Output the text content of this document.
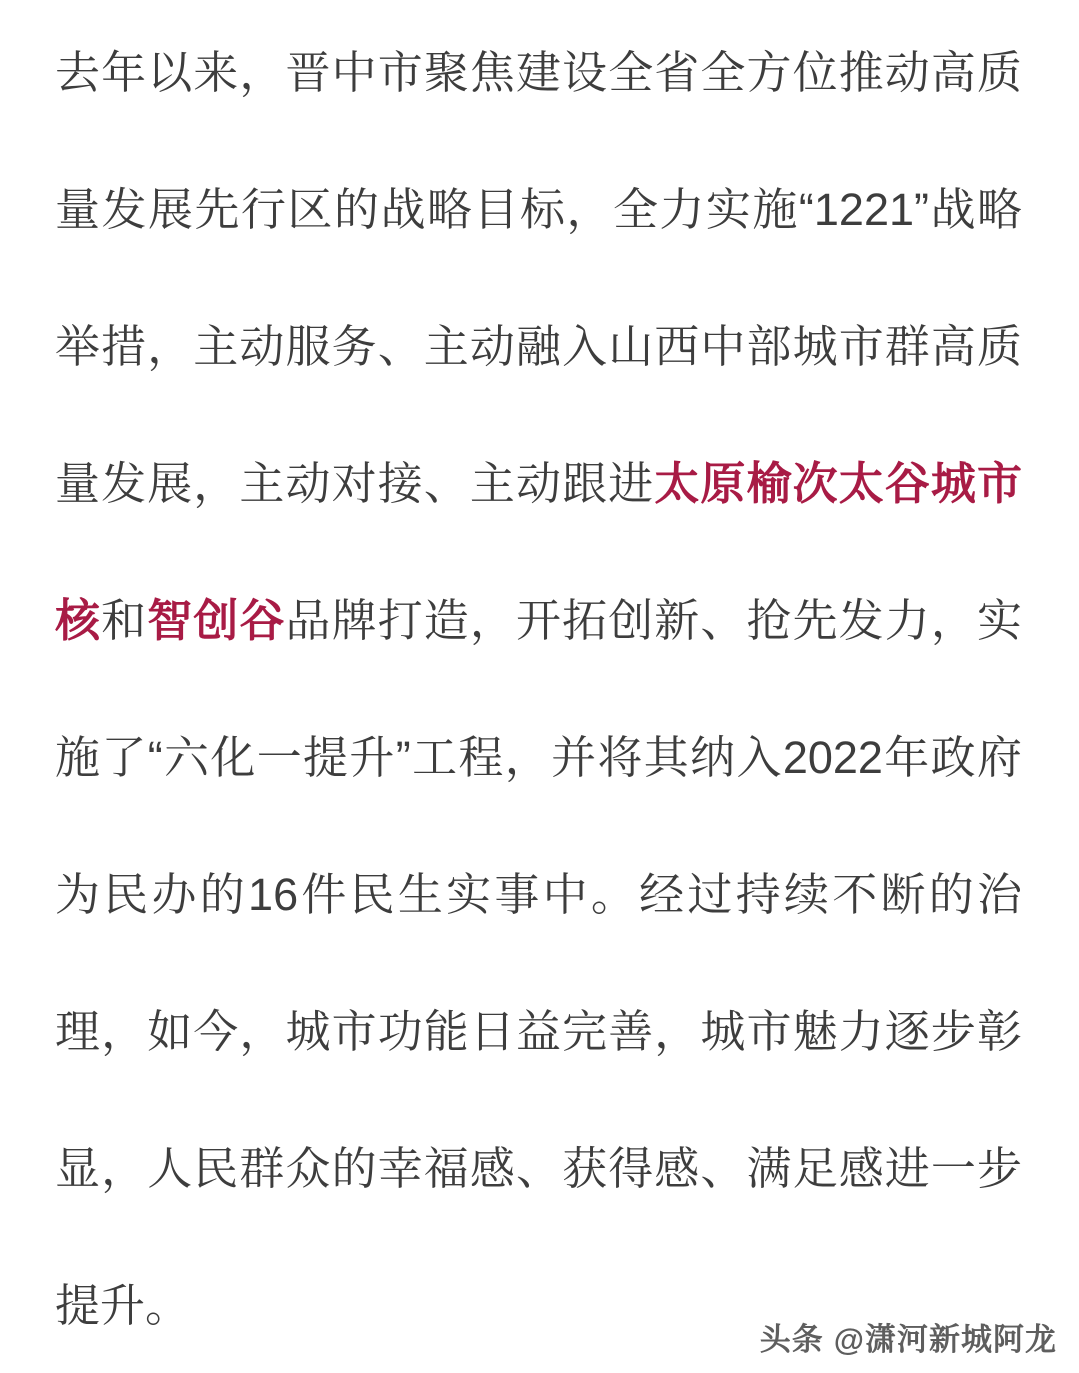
去年以来，晋中市聚焦建设全省全方位推动高质
量发展先行区的战略目标，全力实施“1221”战略
举措，主动服务、主动融入山西中部城市群高质
量发展，主动对接、主动跟进太原榆次太谷城市
核和智创谷品牌打造，开拓创新、抢先发力，实
施了“六化一提升”工程，并将其纳入2022年政府
为民办的16件民生实事中。经过持续不断的治
理，如今，城市功能日益完善，城市魅力逐步彰
显，人民群众的幸福感、获得感、满足感进一步
提升。
头条 @潇河新城阿龙
